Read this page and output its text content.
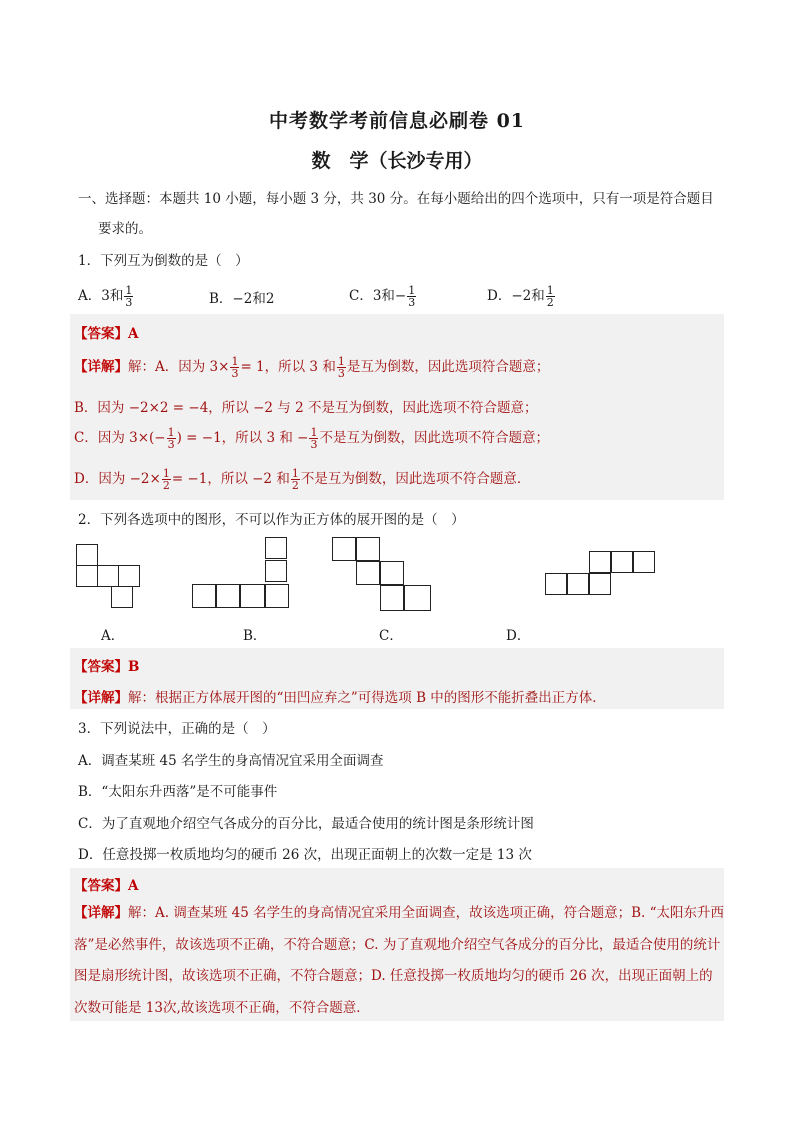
中考数学考前信息必刷卷 01
数　学（长沙专用）
一、选择题：本题共 10 小题，每小题 3 分，共 30 分。在每小题给出的四个选项中，只有一项是符合题目
要求的。
1．下列互为倒数的是（　）
A．3和 $\frac{1}{3}$	B．−2和2	C．3和− $\frac{1}{3}$	D．−2和 $\frac{1}{2}$
【答案】A
【详解】解：A．因为 $3\times \frac{1}{3} = 1$，所以 3 和 $\frac{1}{3}$ 是互为倒数，因此选项符合题意；
B．因为 −2×2 = −4，所以 −2 与 2 不是互为倒数，因此选项不符合题意；
C．因为 $3\times(- \frac{1}{3}$ ) = −1，所以 3 和 − $\frac{1}{3}$ 不是互为倒数，因此选项不符合题意；
D．因为 $-2\times \frac{1}{2} = -1$，所以 −2 和 $\frac{1}{2}$ 不是互为倒数，因此选项不符合题意．
2．下列各选项中的图形，不可以作为正方体的展开图的是（　）
A．	B．	C．	D．
【答案】B
【详解】解：根据正方体展开图的“田凹应弃之”可得选项 B 中的图形不能折叠出正方体．
3．下列说法中，正确的是（　）
A．调查某班 45 名学生的身高情况宜采用全面调查
B．“太阳东升西落”是不可能事件
C．为了直观地介绍空气各成分的百分比，最适合使用的统计图是条形统计图
D．任意投掷一枚质地均匀的硬币 26 次，出现正面朝上的次数一定是 13 次
【答案】A
【详解】解：A. 调查某班 45 名学生的身高情况宜采用全面调查，故该选项正确，符合题意；B. “太阳东升西落”是必然事件，故该选项不正确，不符合题意；C. 为了直观地介绍空气各成分的百分比，最适合使用的统计图是扇形统计图，故该选项不正确，不符合题意；D. 任意投掷一枚质地均匀的硬币 26 次，出现正面朝上的次数可能是 13次,故该选项不正确，不符合题意．
